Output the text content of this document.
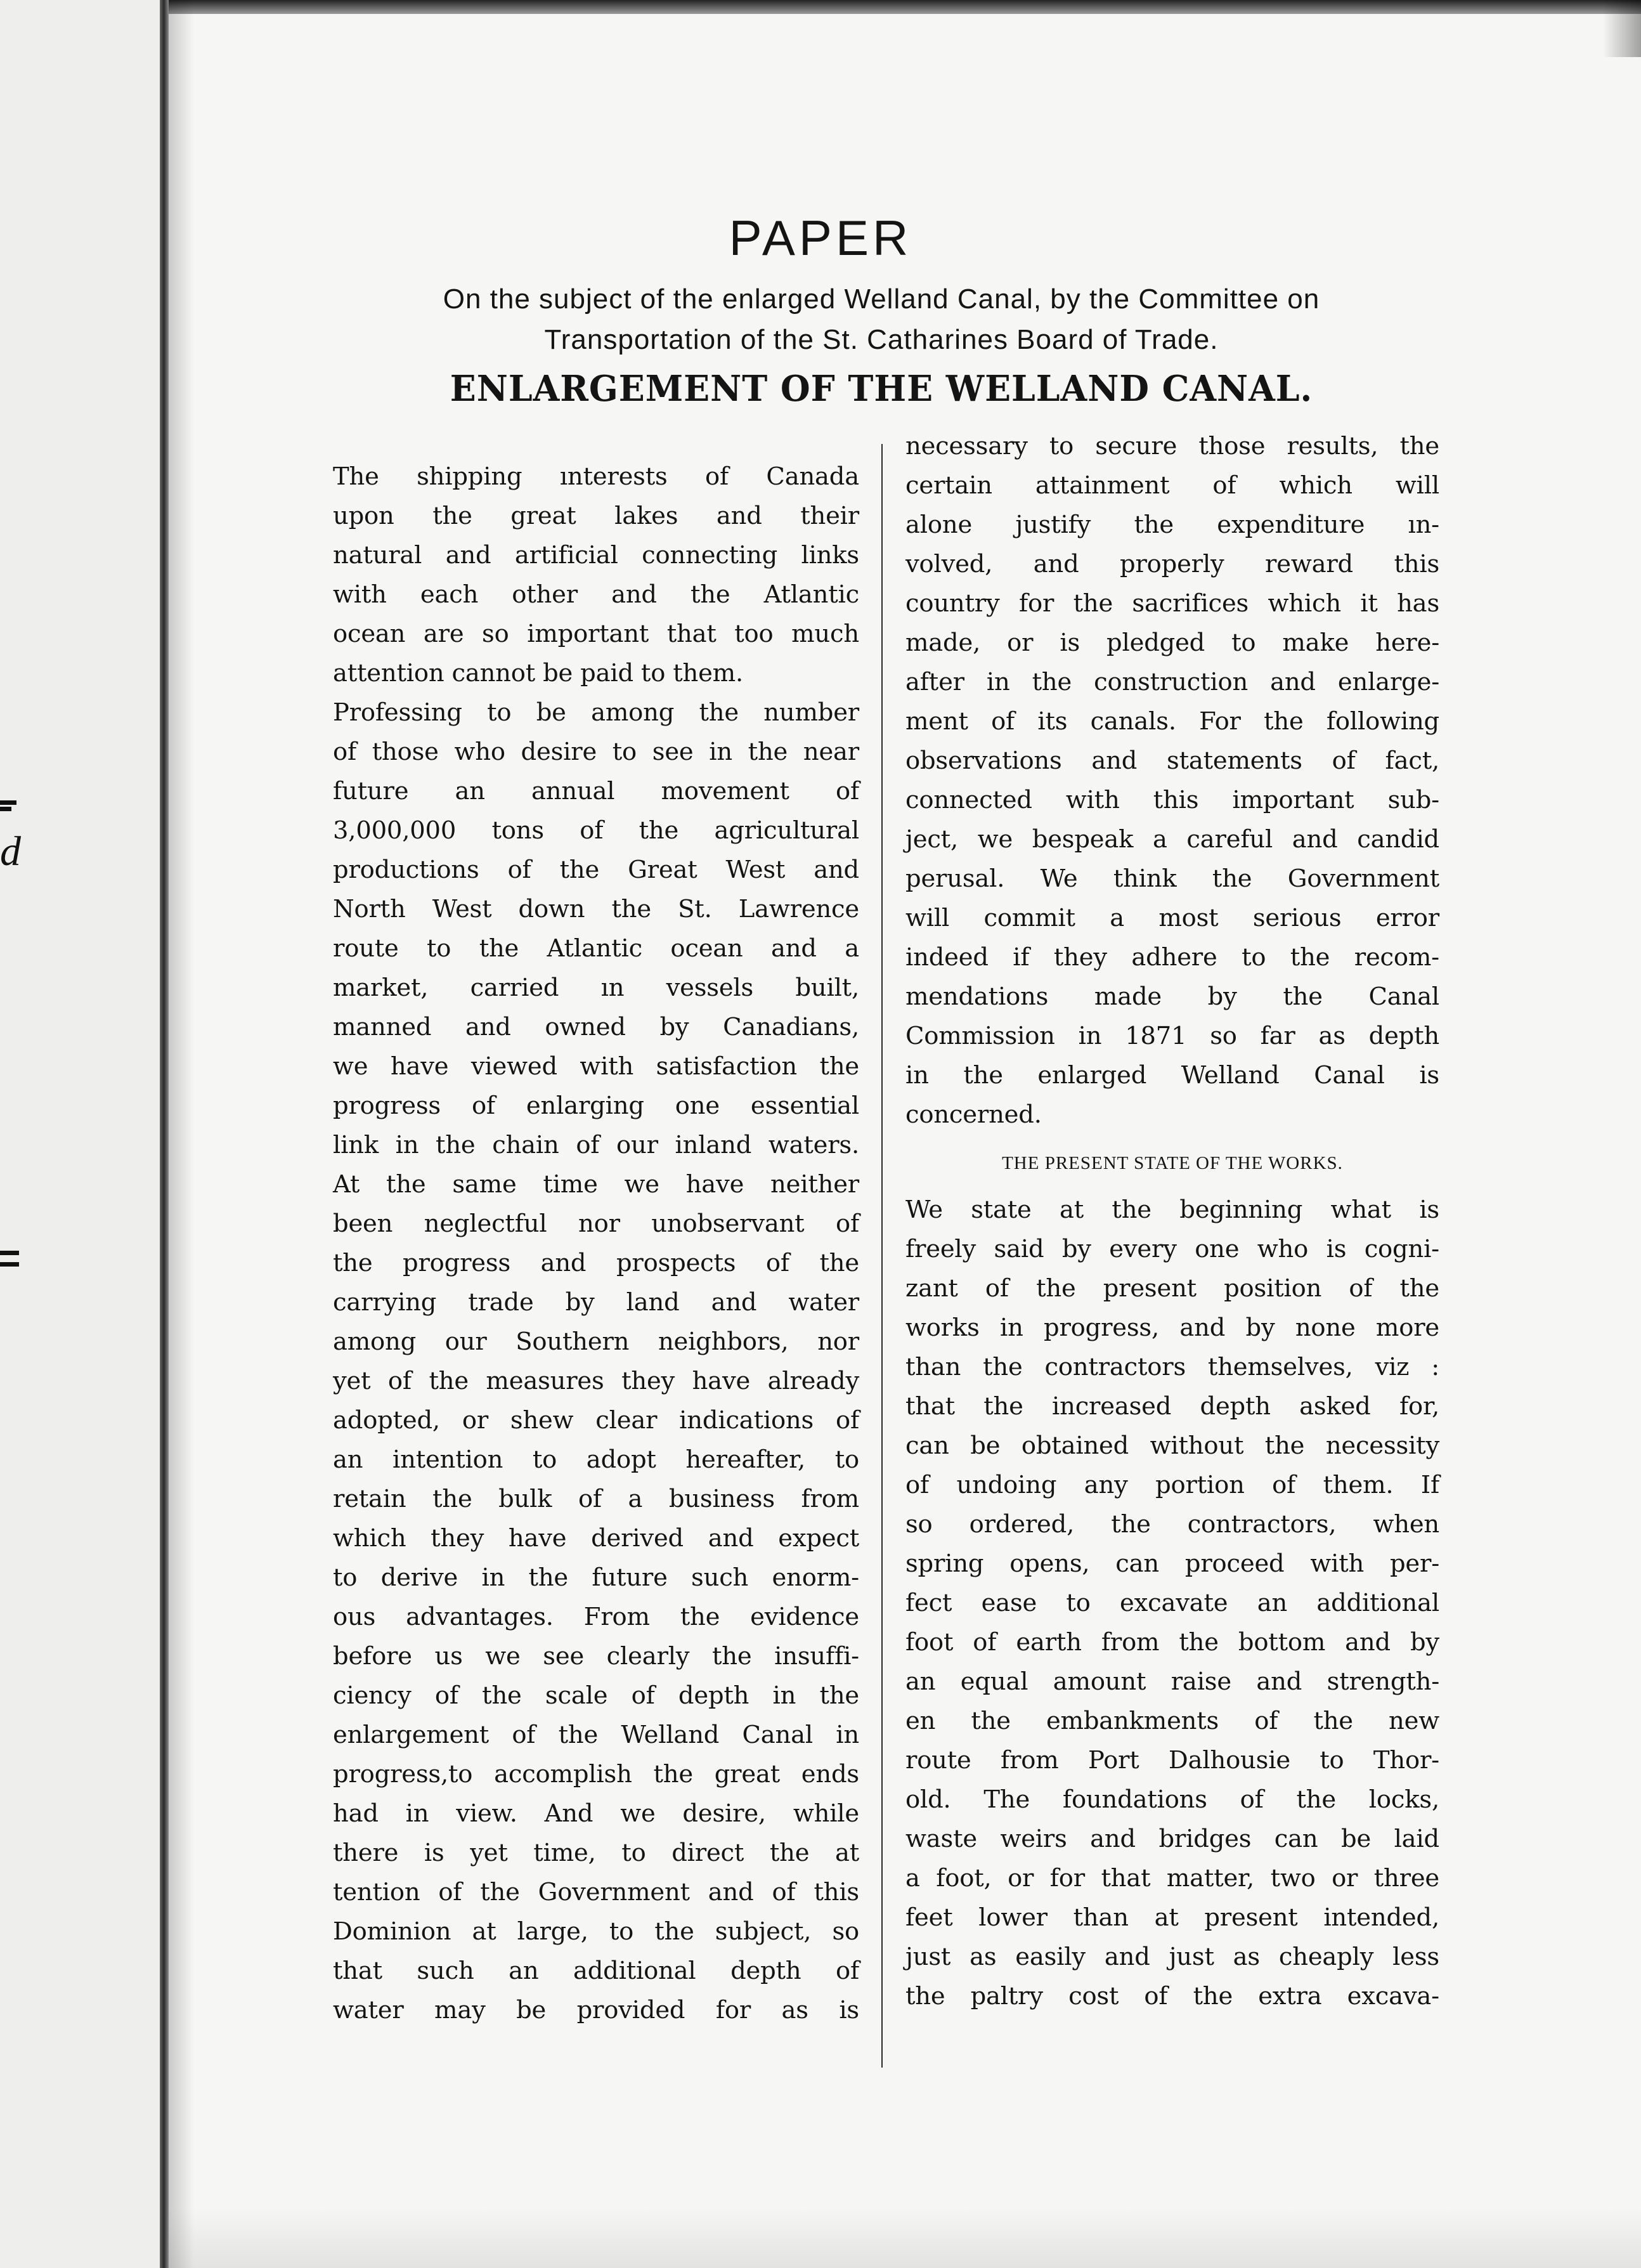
d
PAPER
On the subject of the enlarged Welland Canal, by the Committee on
Transportation of the St. Catharines Board of Trade.
ENLARGEMENT OF THE WELLAND CANAL.
The shipping ınterests of Canada
upon the great lakes and their
natural and artificial connecting links
with each other and the Atlantic
ocean are so important that too much
attention cannot be paid to them.
Professing to be among the number
of those who desire to see in the near
future an annual movement of
3,000,000 tons of the agricultural
productions of the Great West and
North West down the St. Lawrence
route to the Atlantic ocean and a
market, carried ın vessels built,
manned and owned by Canadians,
we have viewed with satisfaction the
progress of enlarging one essential
link in the chain of our inland waters.
At the same time we have neither
been neglectful nor unobservant of
the progress and prospects of the
carrying trade by land and water
among our Southern neighbors, nor
yet of the measures they have already
adopted, or shew clear indications of
an intention to adopt hereafter, to
retain the bulk of a business from
which they have derived and expect
to derive in the future such enorm-
ous advantages. From the evidence
before us we see clearly the insuffi-
ciency of the scale of depth in the
enlargement of the Welland Canal in
progress,to accomplish the great ends
had in view. And we desire, while
there is yet time, to direct the at
tention of the Government and of this
Dominion at large, to the subject, so
that such an additional depth of
water may be provided for as is
necessary to secure those results, the
certain attainment of which will
alone justify the expenditure ın-
volved, and properly reward this
country for the sacrifices which it has
made, or is pledged to make here-
after in the construction and enlarge-
ment of its canals. For the following
observations and statements of fact,
connected with this important sub-
ject, we bespeak a careful and candid
perusal. We think the Government
will commit a most serious error
indeed if they adhere to the recom-
mendations made by the Canal
Commission in 1871 so far as depth
in the enlarged Welland Canal is
concerned.
THE PRESENT STATE OF THE WORKS.
We state at the beginning what is
freely said by every one who is cogni-
zant of the present position of the
works in progress, and by none more
than the contractors themselves, viz :
that the increased depth asked for,
can be obtained without the necessity
of undoing any portion of them. If
so ordered, the contractors, when
spring opens, can proceed with per-
fect ease to excavate an additional
foot of earth from the bottom and by
an equal amount raise and strength-
en the embankments of the new
route from Port Dalhousie to Thor-
old. The foundations of the locks,
waste weirs and bridges can be laid
a foot, or for that matter, two or three
feet lower than at present intended,
just as easily and just as cheaply less
the paltry cost of the extra excava-
